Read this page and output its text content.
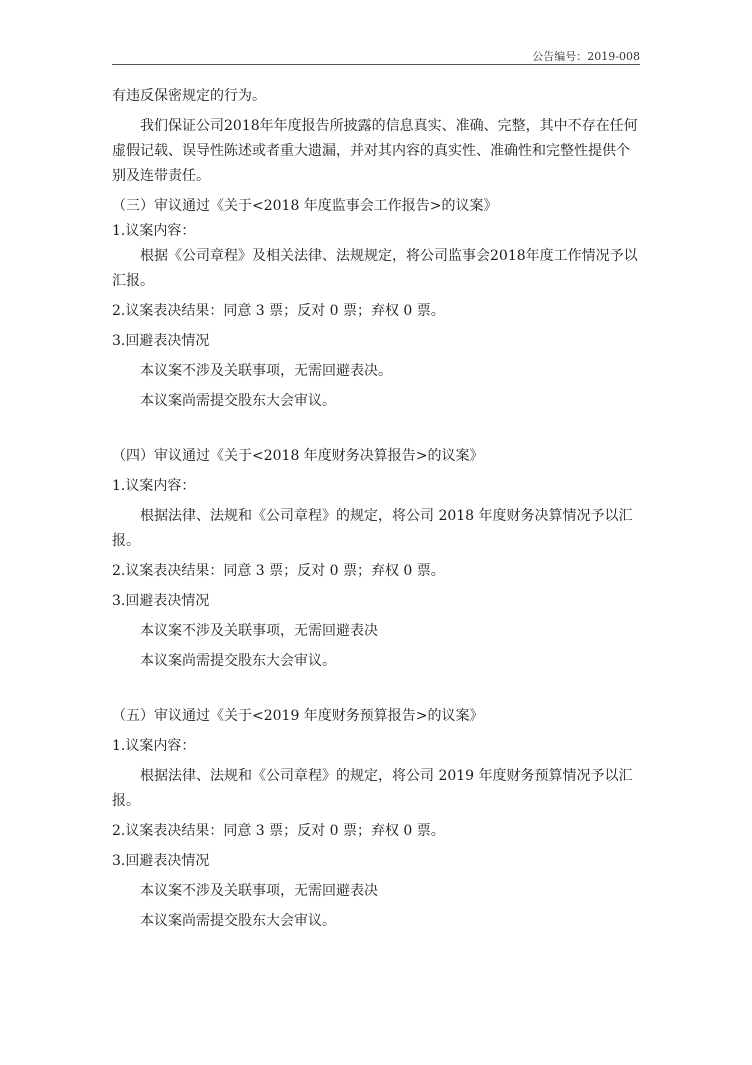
公告编号：2019-008

有违反保密规定的行为。

我们保证公司2018年年度报告所披露的信息真实、准确、完整，其中不存在任何虚假记载、误导性陈述或者重大遗漏，并对其内容的真实性、准确性和完整性提供个别及连带责任。

（三）审议通过《关于<2018 年度监事会工作报告>的议案》

1.议案内容：

根据《公司章程》及相关法律、法规规定，将公司监事会2018年度工作情况予以汇报。

2.议案表决结果：同意 3 票；反对 0 票；弃权 0 票。

3.回避表决情况

本议案不涉及关联事项，无需回避表决。

本议案尚需提交股东大会审议。

（四）审议通过《关于<2018 年度财务决算报告>的议案》

1.议案内容：

根据法律、法规和《公司章程》的规定，将公司 2018 年度财务决算情况予以汇报。

2.议案表决结果：同意 3 票；反对 0 票；弃权 0 票。

3.回避表决情况

本议案不涉及关联事项，无需回避表决

本议案尚需提交股东大会审议。

（五）审议通过《关于<2019 年度财务预算报告>的议案》

1.议案内容：

根据法律、法规和《公司章程》的规定，将公司 2019 年度财务预算情况予以汇报。

2.议案表决结果：同意 3 票；反对 0 票；弃权 0 票。

3.回避表决情况

本议案不涉及关联事项，无需回避表决

本议案尚需提交股东大会审议。
